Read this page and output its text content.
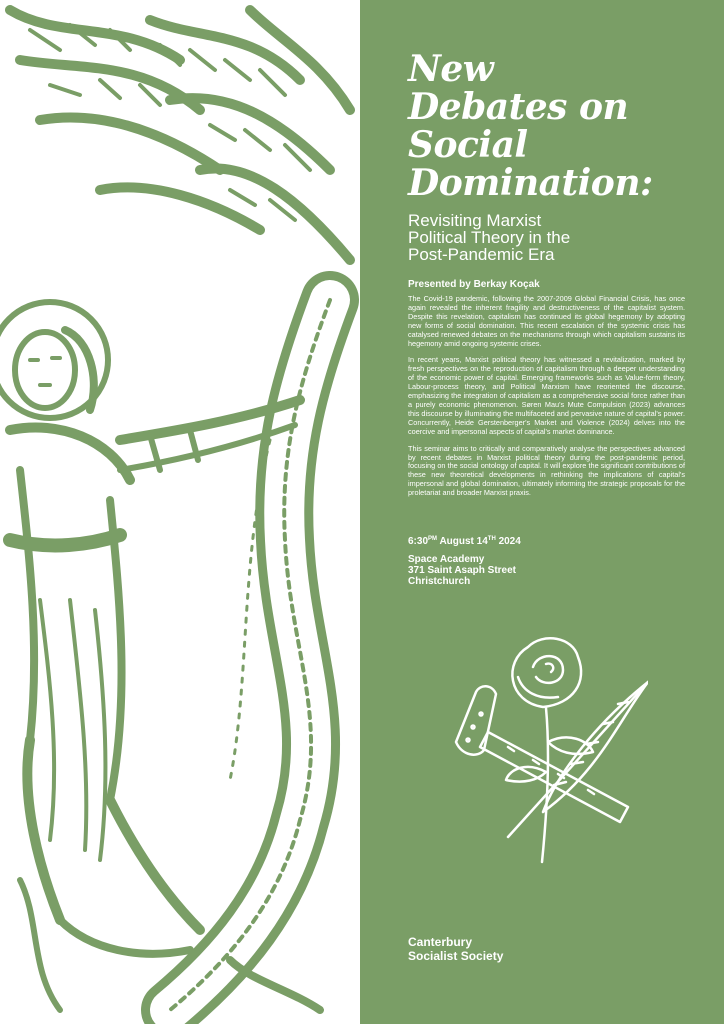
New
Debates on
Social
Domination:
Revisiting Marxist
Political Theory in the
Post-Pandemic Era
Presented by Berkay Koçak

The Covid-19 pandemic, following the 2007-2009 Global Financial Crisis, has once again revealed the inherent fragility and destructiveness of the capitalist system. Despite this revelation, capitalism has continued its global hegemony by adopting new forms of social domination. This recent escalation of the systemic crisis has catalysed renewed debates on the mechanisms through which capitalism sustains its hegemony amid ongoing systemic crises.

In recent years, Marxist political theory has witnessed a revitalization, marked by fresh perspectives on the reproduction of capitalism through a deeper understanding of the economic power of capital. Emerging frameworks such as Value-form theory, Labour-process theory, and Political Marxism have reoriented the discourse, emphasizing the integration of capitalism as a comprehensive social force rather than a purely economic phenomenon. Søren Mau's Mute Compulsion (2023) advances this discourse by illuminating the multifaceted and pervasive nature of capital's power. Concurrently, Heide Gerstenberger's Market and Violence (2024) delves into the coercive and impersonal aspects of capital's market dominance.

This seminar aims to critically and comparatively analyse the perspectives advanced by recent debates in Marxist political theory during the post-pandemic period, focusing on the social ontology of capital. It will explore the significant contributions of these new theoretical developments in rethinking the implications of capital's impersonal and global domination, ultimately informing the strategic proposals for the proletariat and broader Marxist praxis.

$6:30^{PM}$ August 14TH 2024
Space Academy
371 Saint Asaph Street
Christchurch
Canterbury
Socialist Society
